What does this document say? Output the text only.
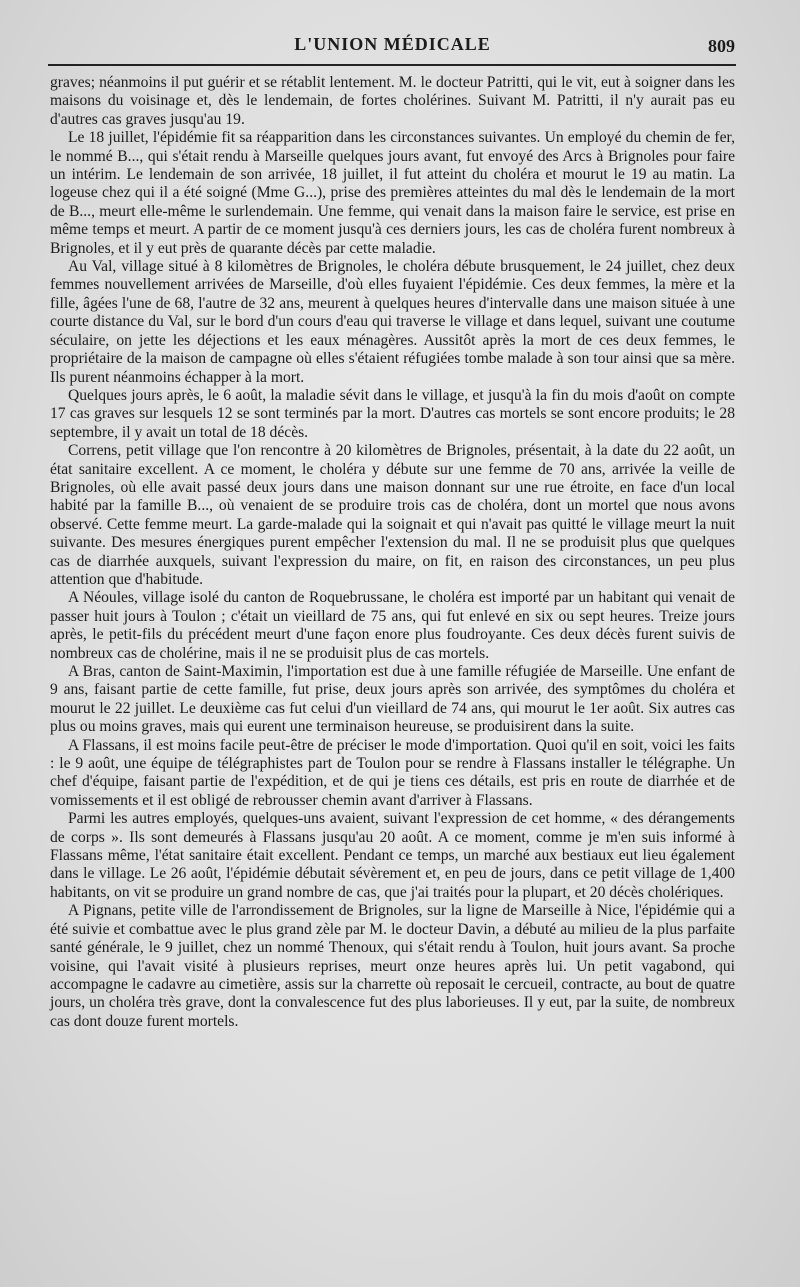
L'UNION MÉDICALE	809

graves; néanmoins il put guérir et se rétablit lentement. M. le docteur Patritti, qui le vit, eut à soigner dans les maisons du voisinage et, dès le lendemain, de fortes cholérines. Suivant M. Patritti, il n'y aurait pas eu d'autres cas graves jusqu'au 19.

Le 18 juillet, l'épidémie fit sa réapparition dans les circonstances suivantes. Un employé du chemin de fer, le nommé B..., qui s'était rendu à Marseille quelques jours avant, fut envoyé des Arcs à Brignoles pour faire un intérim. Le lendemain de son arrivée, 18 juillet, il fut atteint du choléra et mourut le 19 au matin. La logeuse chez qui il a été soigné (Mme G...), prise des premières atteintes du mal dès le lendemain de la mort de B..., meurt elle-même le surlendemain. Une femme, qui venait dans la maison faire le service, est prise en même temps et meurt. A partir de ce moment jusqu'à ces derniers jours, les cas de choléra furent nombreux à Brignoles, et il y eut près de quarante décès par cette maladie.

Au Val, village situé à 8 kilomètres de Brignoles, le choléra débute brusquement, le 24 juillet, chez deux femmes nouvellement arrivées de Marseille, d'où elles fuyaient l'épidémie. Ces deux femmes, la mère et la fille, âgées l'une de 68, l'autre de 32 ans, meurent à quelques heures d'intervalle dans une maison située à une courte distance du Val, sur le bord d'un cours d'eau qui traverse le village et dans lequel, suivant une coutume séculaire, on jette les déjections et les eaux ménagères. Aussitôt après la mort de ces deux femmes, le propriétaire de la maison de campagne où elles s'étaient réfugiées tombe malade à son tour ainsi que sa mère. Ils purent néanmoins échapper à la mort.

Quelques jours après, le 6 août, la maladie sévit dans le village, et jusqu'à la fin du mois d'août on compte 17 cas graves sur lesquels 12 se sont terminés par la mort. D'autres cas mortels se sont encore produits; le 28 septembre, il y avait un total de 18 décès.

Correns, petit village que l'on rencontre à 20 kilomètres de Brignoles, présentait, à la date du 22 août, un état sanitaire excellent. A ce moment, le choléra y débute sur une femme de 70 ans, arrivée la veille de Brignoles, où elle avait passé deux jours dans une maison donnant sur une rue étroite, en face d'un local habité par la famille B..., où venaient de se produire trois cas de choléra, dont un mortel que nous avons observé. Cette femme meurt. La garde-malade qui la soignait et qui n'avait pas quitté le village meurt la nuit suivante. Des mesures énergiques purent empêcher l'extension du mal. Il ne se produisit plus que quelques cas de diarrhée auxquels, suivant l'expression du maire, on fit, en raison des circonstances, un peu plus attention que d'habitude.

A Néoules, village isolé du canton de Roquebrussane, le choléra est importé par un habitant qui venait de passer huit jours à Toulon ; c'était un vieillard de 75 ans, qui fut enlevé en six ou sept heures. Treize jours après, le petit-fils du précédent meurt d'une façon enore plus foudroyante. Ces deux décès furent suivis de nombreux cas de cholérine, mais il ne se produisit plus de cas mortels.

A Bras, canton de Saint-Maximin, l'importation est due à une famille réfugiée de Marseille. Une enfant de 9 ans, faisant partie de cette famille, fut prise, deux jours après son arrivée, des symptômes du choléra et mourut le 22 juillet. Le deuxième cas fut celui d'un vieillard de 74 ans, qui mourut le 1er août. Six autres cas plus ou moins graves, mais qui eurent une terminaison heureuse, se produisirent dans la suite.

A Flassans, il est moins facile peut-être de préciser le mode d'importation. Quoi qu'il en soit, voici les faits : le 9 août, une équipe de télégraphistes part de Toulon pour se rendre à Flassans installer le télégraphe. Un chef d'équipe, faisant partie de l'expédition, et de qui je tiens ces détails, est pris en route de diarrhée et de vomissements et il est obligé de rebrousser chemin avant d'arriver à Flassans.

Parmi les autres employés, quelques-uns avaient, suivant l'expression de cet homme, « des dérangements de corps ». Ils sont demeurés à Flassans jusqu'au 20 août. A ce moment, comme je m'en suis informé à Flassans même, l'état sanitaire était excellent. Pendant ce temps, un marché aux bestiaux eut lieu également dans le village. Le 26 août, l'épidémie débutait sévèrement et, en peu de jours, dans ce petit village de 1,400 habitants, on vit se produire un grand nombre de cas, que j'ai traités pour la plupart, et 20 décès cholériques.

A Pignans, petite ville de l'arrondissement de Brignoles, sur la ligne de Marseille à Nice, l'épidémie qui a été suivie et combattue avec le plus grand zèle par M. le docteur Davin, a débuté au milieu de la plus parfaite santé générale, le 9 juillet, chez un nommé Thenoux, qui s'était rendu à Toulon, huit jours avant. Sa proche voisine, qui l'avait visité à plusieurs reprises, meurt onze heures après lui. Un petit vagabond, qui accompagne le cadavre au cimetière, assis sur la charrette où reposait le cercueil, contracte, au bout de quatre jours, un choléra très grave, dont la convalescence fut des plus laborieuses. Il y eut, par la suite, de nombreux cas dont douze furent mortels.
